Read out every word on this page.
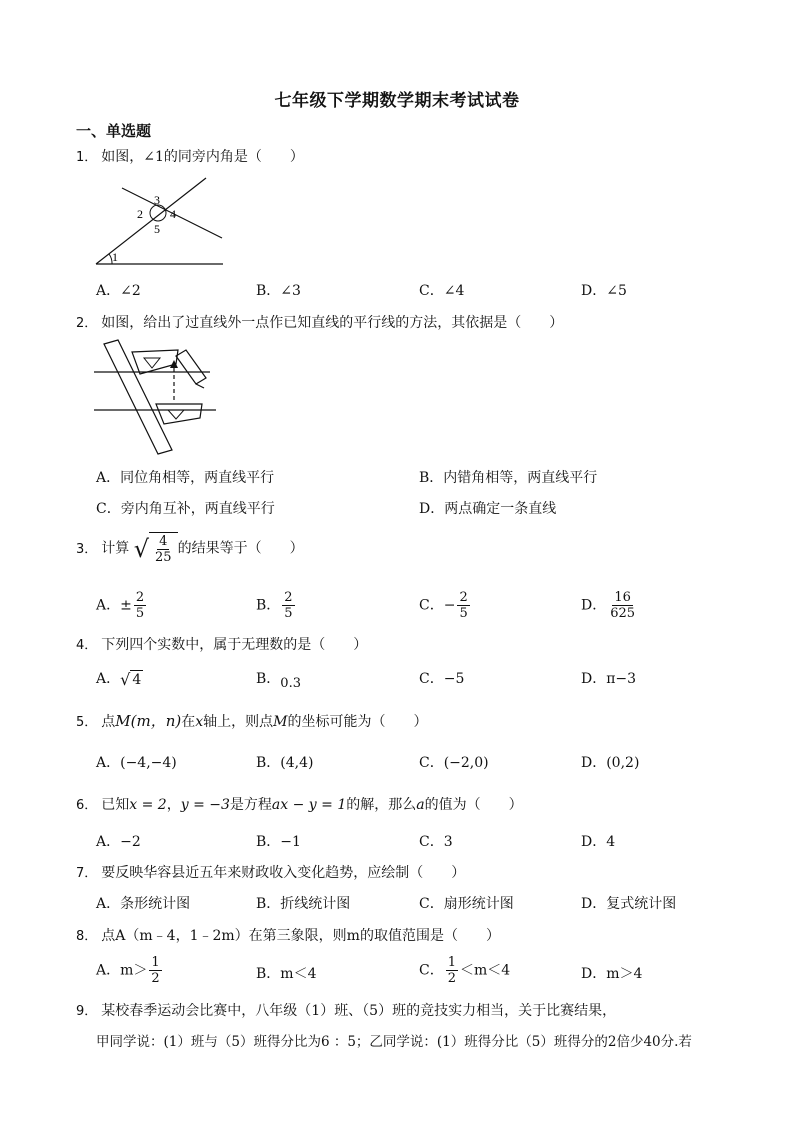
七年级下学期数学期末考试试卷
一、单选题
1． 如图，∠1的同旁内角是（　　）
3
2 4
5
1
A．∠2	B．∠3	C．∠4	D．∠5
2． 如图，给出了过直线外一点作已知直线的平行线的方法，其依据是（　　）
A．同位角相等，两直线平行	B．内错角相等，两直线平行
C．旁内角互补，两直线平行	D．两点确定一条直线
3． 计算 √ $\frac{4}{25}$ 的结果等于（　　）
A．± $\frac{2}{5}$	B． $\frac{2}{5}$	C．− $\frac{2}{5}$	D． $\frac{16}{625}$
4． 下列四个实数中，属于无理数的是（　　）
A． √ 4	B．0.3	C．−5	D．π−3
5． 点M(m，n)在x轴上，则点M的坐标可能为（　　）
A．(−4,−4)	B．(4,4)	C．(−2,0)	D．(0,2)
6． 已知x = 2，y = −3是方程ax − y = 1的解，那么a的值为（　　）
A．−2	B．−1	C．3	D．4
7． 要反映华容县近五年来财政收入变化趋势，应绘制（　　）
A．条形统计图	B．折线统计图	C．扇形统计图	D．复式统计图
8． 点A（m﹣4，1﹣2m）在第三象限，则m的取值范围是（　　）
A．$m> \frac{1}{2}$	B．m＜4	C． $\frac{1}{2} <m<4$	D．m＞4
9． 某校春季运动会比赛中，八年级（1）班、（5）班的竞技实力相当，关于比赛结果，
甲同学说：(1）班与（5）班得分比为6 ：5；乙同学说：(1）班得分比（5）班得分的2倍少40分.若
